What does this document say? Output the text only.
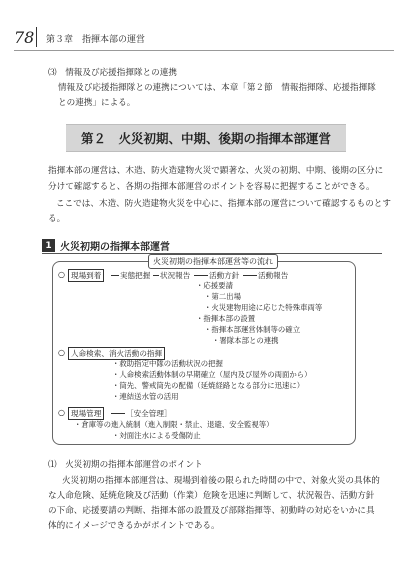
78 第３章　指揮本部の運営
⑶　情報及び応援指揮隊との連携
情報及び応援指揮隊との連携については、本章「第２節　情報指揮隊、応援指揮隊
との連携」による。
第２　火災初期、中期、後期の指揮本部運営
指揮本部の運営は、木造、防火造建物火災で顕著な、火災の初期、中期、後期の区分に
分けて確認すると、各期の指揮本部運営のポイントを容易に把握することができる。
ここでは、木造、防火造建物火災を中心に、指揮本部の運営について確認するものとす
る。
1 火災初期の指揮本部運営
火災初期の指揮本部運営等の流れ
○ 現場到着	実態把握 状況報告 活動方針 活動報告
・応援要請
・第二出場
・火災建物用途に応じた特殊車両等
・指揮本部の設置
・指揮本部運営体制等の確立
・署隊本部との連携
○ 人命検索、消火活動の指揮
・救助指定中隊の活動状況の把握
・人命検索活動体制の早期確立（屋内及び屋外の両面から）
・筒先、警戒筒先の配備（延焼経路となる部分に迅速に）
・連結送水管の活用
○ 現場管理	［安全管理］
・倉庫等の進入統制（進入制限・禁止、退避、安全監視等）
・対面注水による受傷防止
⑴　火災初期の指揮本部運営のポイント
火災初期の指揮本部運営は、現場到着後の限られた時間の中で、対象火災の具体的
な人命危険、延焼危険及び活動（作業）危険を迅速に判断して、状況報告、活動方針
の下命、応援要請の判断、指揮本部の設置及び部隊指揮等、初動時の対応をいかに具
体的にイメージできるかがポイントである。
